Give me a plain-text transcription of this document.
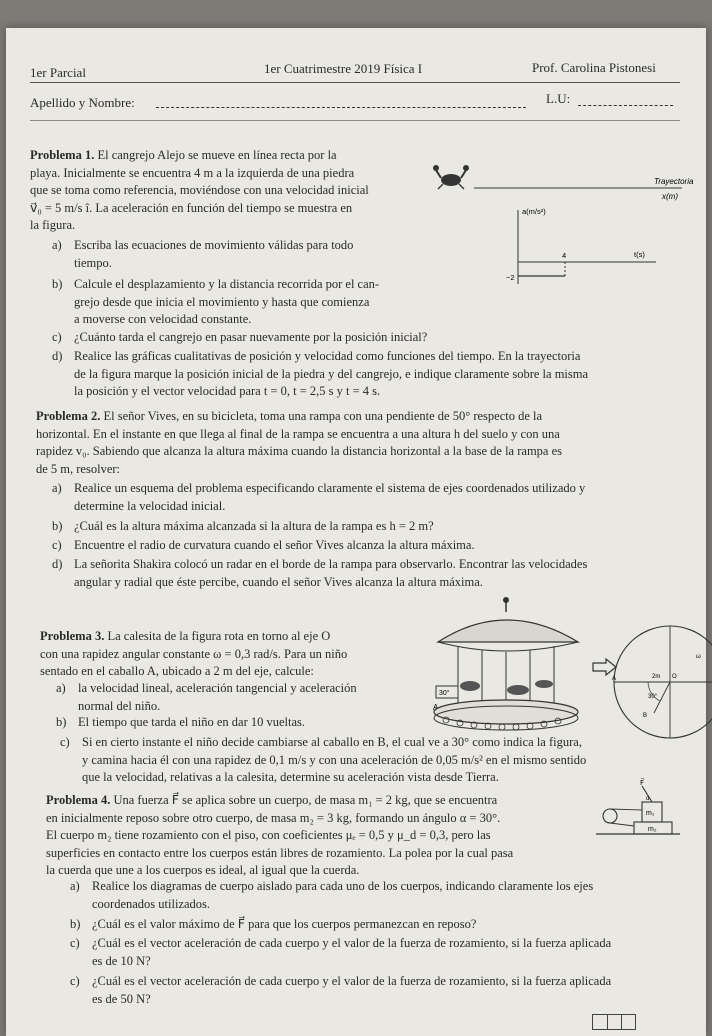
1er Parcial	1er Cuatrimestre 2019 Física I	Prof. Carolina Pistonesi
Apellido y Nombre:	L.U:
Problema 1. El cangrejo Alejo se mueve en línea recta por la
playa. Inicialmente se encuentra 4 m a la izquierda de una piedra
que se toma como referencia, moviéndose con una velocidad inicial
v⃗₀ = 5 m/s î. La aceleración en función del tiempo se muestra en
la figura.
a) Escriba las ecuaciones de movimiento válidas para todo
tiempo.
b) Calcule el desplazamiento y la distancia recorrida por el can-
grejo desde que inicia el movimiento y hasta que comienza
a moverse con velocidad constante.
c) ¿Cuánto tarda el cangrejo en pasar nuevamente por la posición inicial?
d) Realice las gráficas cualitativas de posición y velocidad como funciones del tiempo. En la trayectoria
de la figura marque la posición inicial de la piedra y del cangrejo, e indique claramente sobre la misma
la posición y el vector velocidad para t = 0, t = 2,5 s y t = 4 s.
Trayectoria
x(m)
a(m/s²)
t(s)
4
−2
Problema 2. El señor Vives, en su bicicleta, toma una rampa con una pendiente de 50° respecto de la
horizontal. En el instante en que llega al final de la rampa se encuentra a una altura h del suelo y con una
rapidez v₀. Sabiendo que alcanza la altura máxima cuando la distancia horizontal a la base de la rampa es
de 5 m, resolver:
a) Realice un esquema del problema especificando claramente el sistema de ejes coordenados utilizado y
determine la velocidad inicial.
b) ¿Cuál es la altura máxima alcanzada si la altura de la rampa es h = 2 m?
c) Encuentre el radio de curvatura cuando el señor Vives alcanza la altura máxima.
d) La señorita Shakira colocó un radar en el borde de la rampa para observarlo. Encontrar las velocidades
angular y radial que éste percibe, cuando el señor Vives alcanza la altura máxima.
Problema 3. La calesita de la figura rota en torno al eje O
con una rapidez angular constante ω = 0,3 rad/s. Para un niño
sentado en el caballo A, ubicado a 2 m del eje, calcule:
a) la velocidad lineal, aceleración tangencial y aceleración
normal del niño.
b) El tiempo que tarda el niño en dar 10 vueltas.
c) Si en cierto instante el niño decide cambiarse al caballo en B, el cual ve a 30° como indica la figura,
y camina hacia él con una rapidez de 0,1 m/s y con una aceleración de 0,05 m/s² en el mismo sentido
que la velocidad, relativas a la calesita, determine su aceleración vista desde Tierra.
30°
A
30°
2m
A	O
B
ω
Problema 4. Una fuerza F⃗ se aplica sobre un cuerpo, de masa m₁ = 2 kg, que se encuentra
en inicialmente reposo sobre otro cuerpo, de masa m₂ = 3 kg, formando un ángulo α = 30°.
El cuerpo m₂ tiene rozamiento con el piso, con coeficientes μₑ = 0,5 y μ_d = 0,3, pero las
superficies en contacto entre los cuerpos están libres de rozamiento. La polea por la cual pasa
la cuerda que une a los cuerpos es ideal, al igual que la cuerda.
F⃗
α
m₁
m₂
a) Realice los diagramas de cuerpo aislado para cada uno de los cuerpos, indicando claramente los ejes
coordenados utilizados.
b) ¿Cuál es el valor máximo de F⃗ para que los cuerpos permanezcan en reposo?
c) ¿Cuál es el vector aceleración de cada cuerpo y el valor de la fuerza de rozamiento, si la fuerza aplicada
es de 10 N?
c) ¿Cuál es el vector aceleración de cada cuerpo y el valor de la fuerza de rozamiento, si la fuerza aplicada
es de 50 N?
